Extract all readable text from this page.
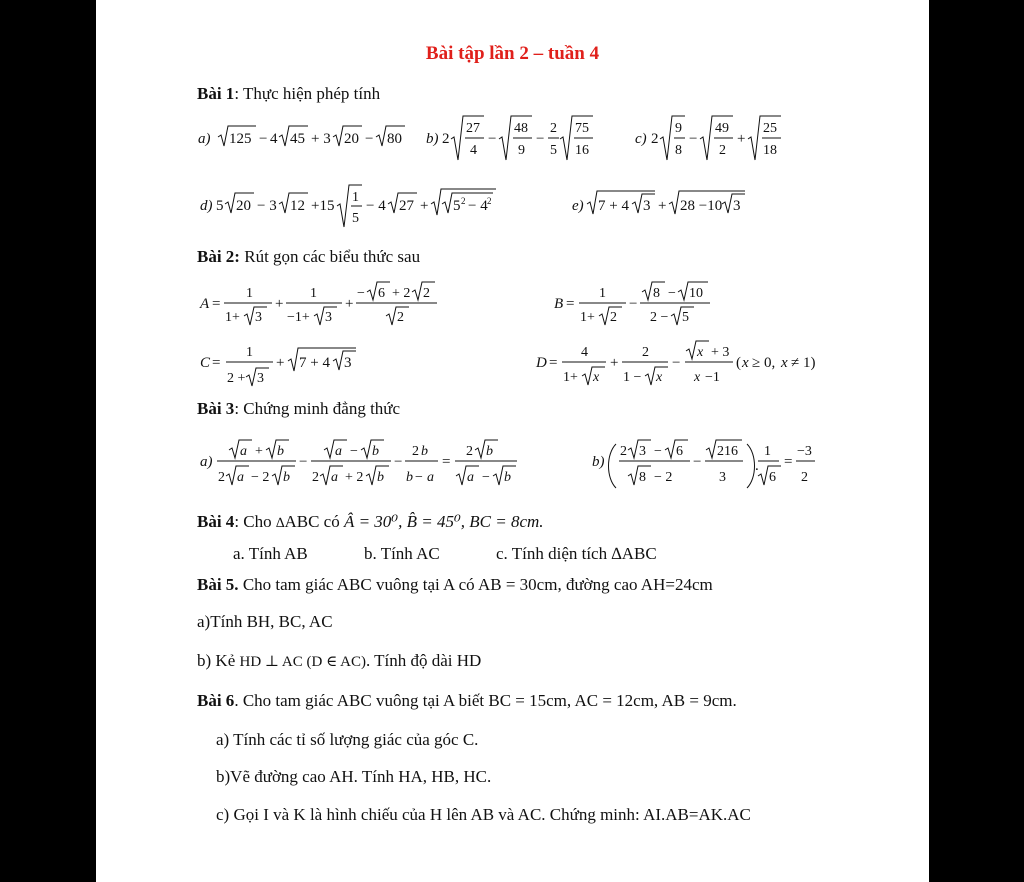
Bài tập lần 2 – tuần 4
Bài 1: Thực hiện phép tính
a) 125 − 4 45 + 3 20 − 80 b) 2
27
4
−
48
9
−
2
5
75
16
c) 2
9
8
−
49
2
+
25
18
d) 5 20 − 3 12 +15
1
5
− 4 27 + 5 2 − 4 2	e) 7 + 4 3 + 28 −10 3
Bài 2: Rút gọn các biểu thức sau
A =
1
1+ 3
+
1
−1+ 3
+
− 6 + 2 2
2
B =
1
1+ 2
−
8 − 10
2 − 5
C =
1
2 + 3
+ 7 + 4 3	D =
4
1+ x
+
2
1 − x
−
x + 3
x −1
( x ≥ 0, x ≠ 1)
Bài 3: Chứng minh đẳng thức
a)
a + b
2 a − 2 b
−
a − b
2 a + 2 b
−
2 b
b − a
=
2 b
a − b
b)
2 3 − 6
8 − 2
−
216
3
.
1
6
=
−3
2
Bài 4: Cho ∆ABC có Â = 30⁰, B̂ = 45⁰, BC = 8cm.
a. Tính AB	b. Tính AC	c. Tính diện tích ∆ABC
Bài 5. Cho tam giác ABC vuông tại A có AB = 30cm, đường cao AH=24cm
a)Tính BH, BC, AC
b) Kẻ HD ⊥ AC (D ∈ AC). Tính độ dài HD
Bài 6. Cho tam giác ABC vuông tại A biết BC = 15cm, AC = 12cm, AB = 9cm.
a) Tính các tỉ số lượng giác của góc C.
b)Vẽ đường cao AH. Tính HA, HB, HC.
c) Gọi I và K là hình chiếu của H lên AB và AC. Chứng minh: AI.AB=AK.AC
